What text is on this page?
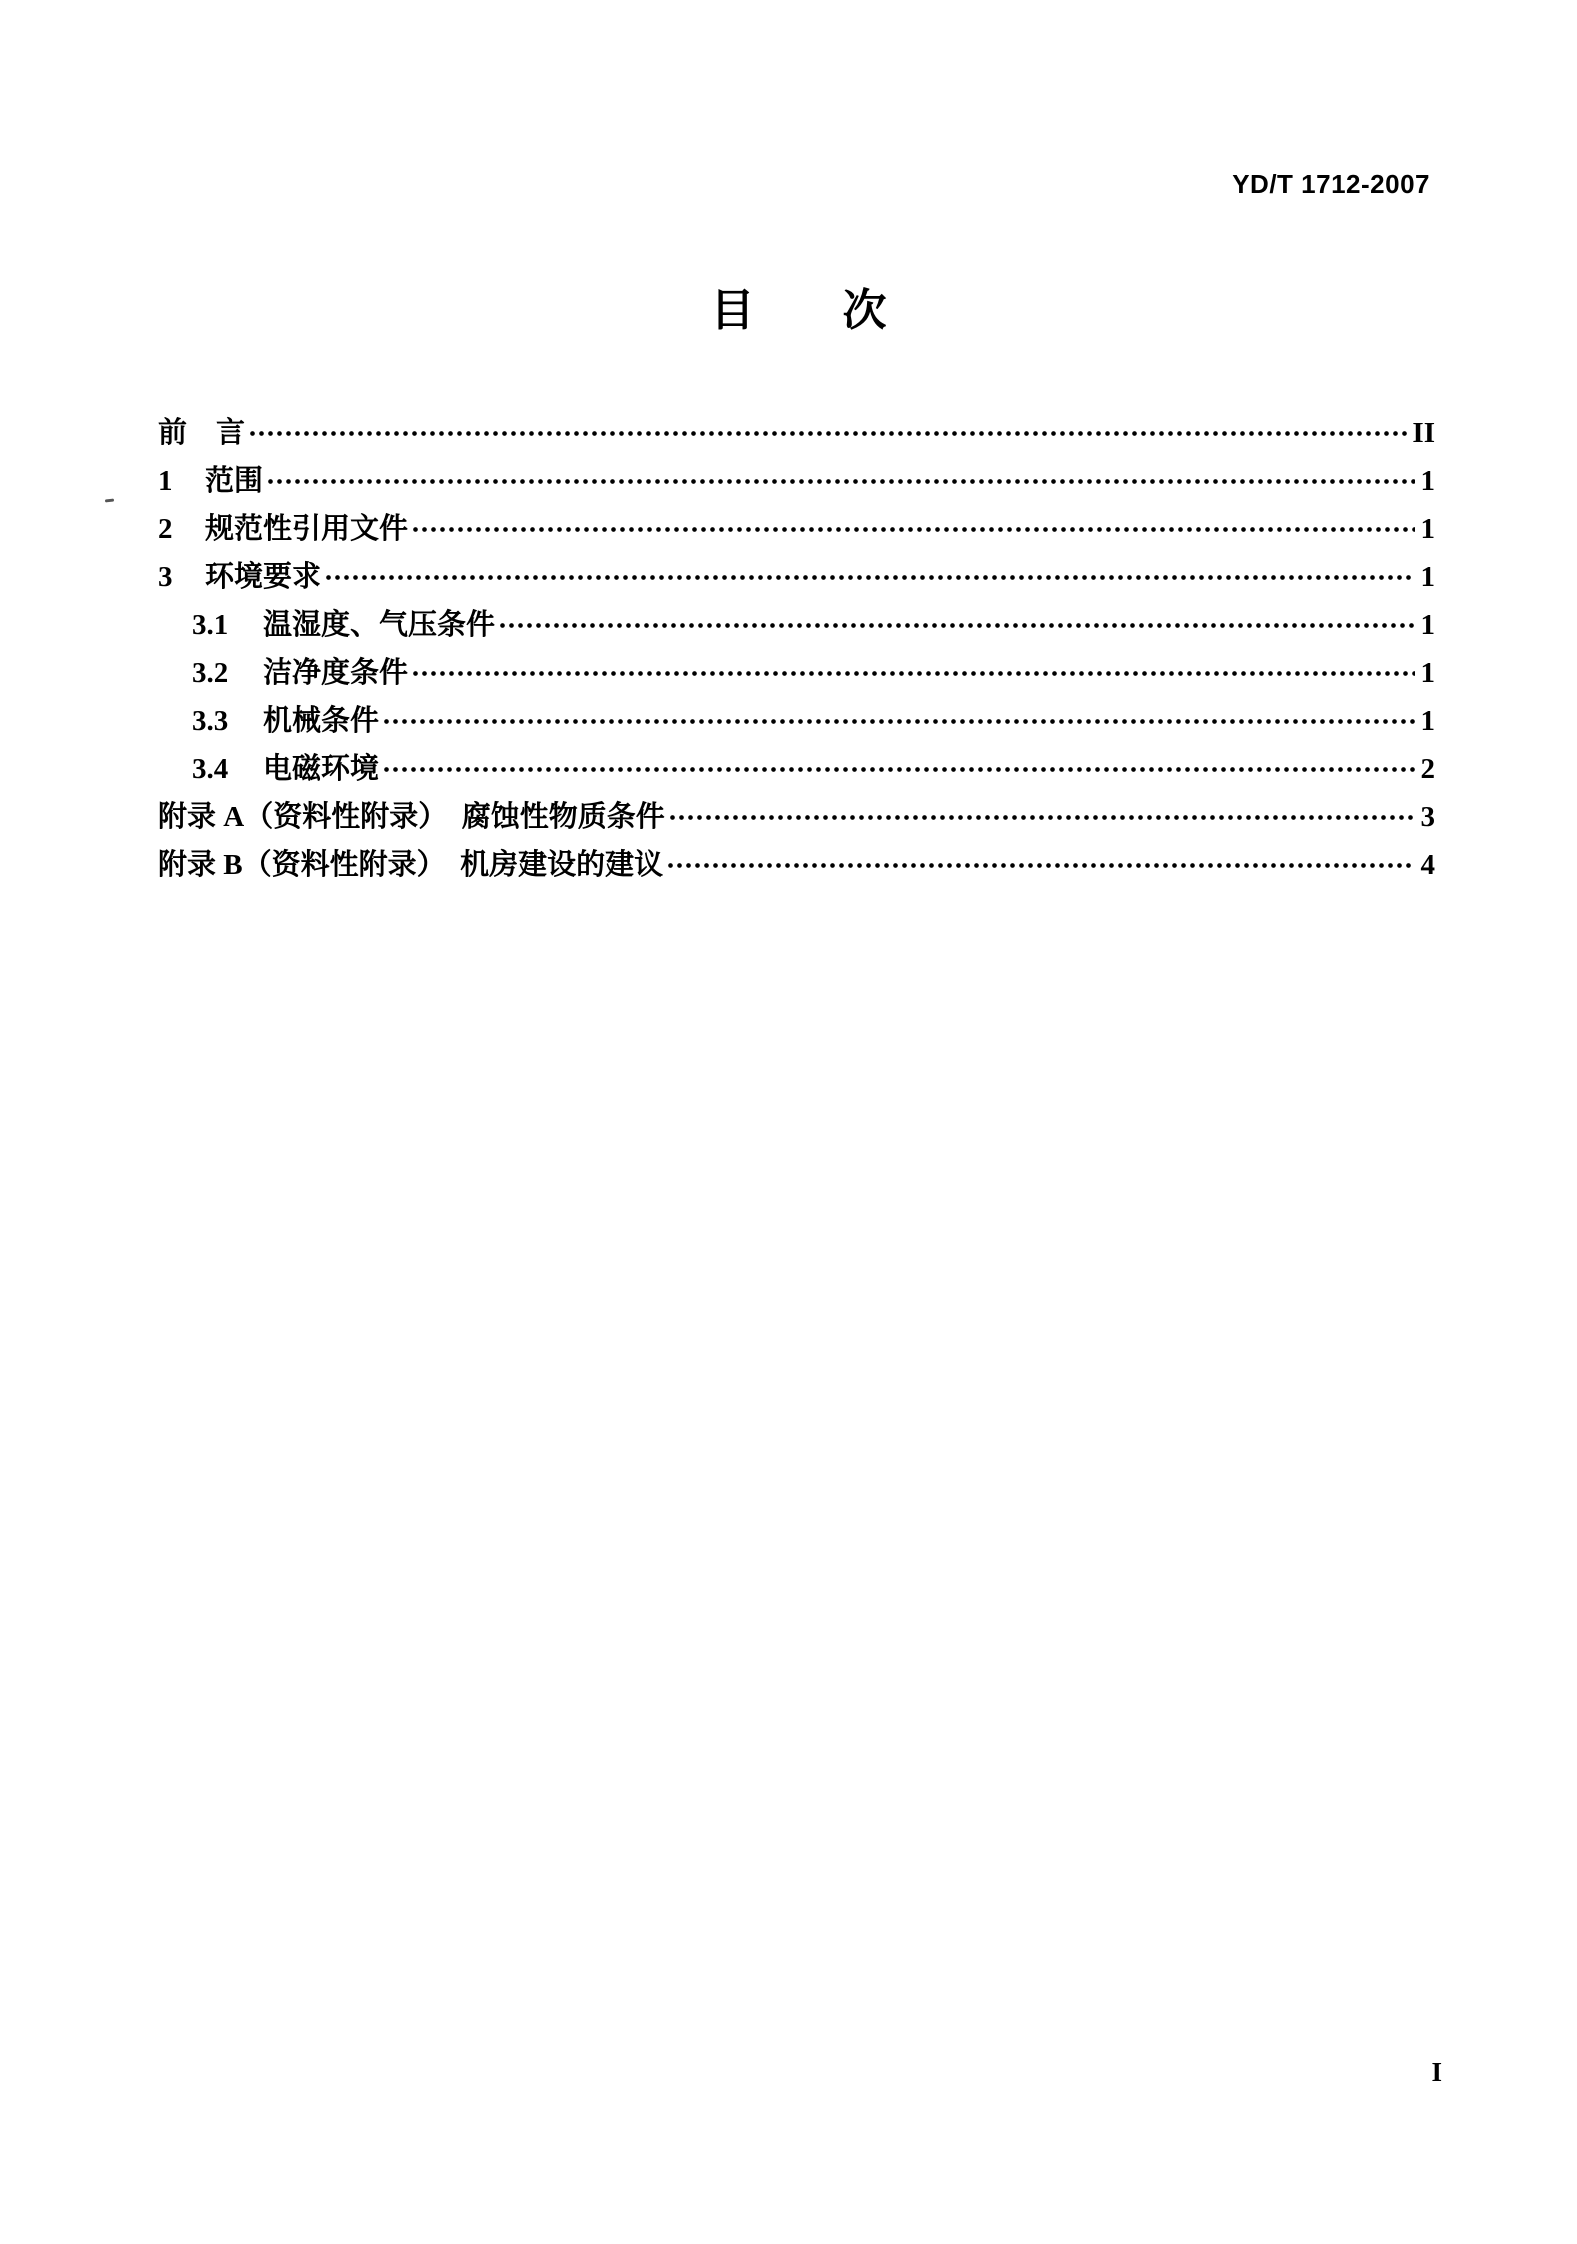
YD/T 1712-2007
目　　次
前　言	II
1	范围	1
2	规范性引用文件	1
3	环境要求	1
3.1	温湿度、气压条件	1
3.2	洁净度条件	1
3.3	机械条件	1
3.4	电磁环境	2
附录 A（资料性附录）　腐蚀性物质条件	3
附录 B（资料性附录）　机房建设的建议	4
I
